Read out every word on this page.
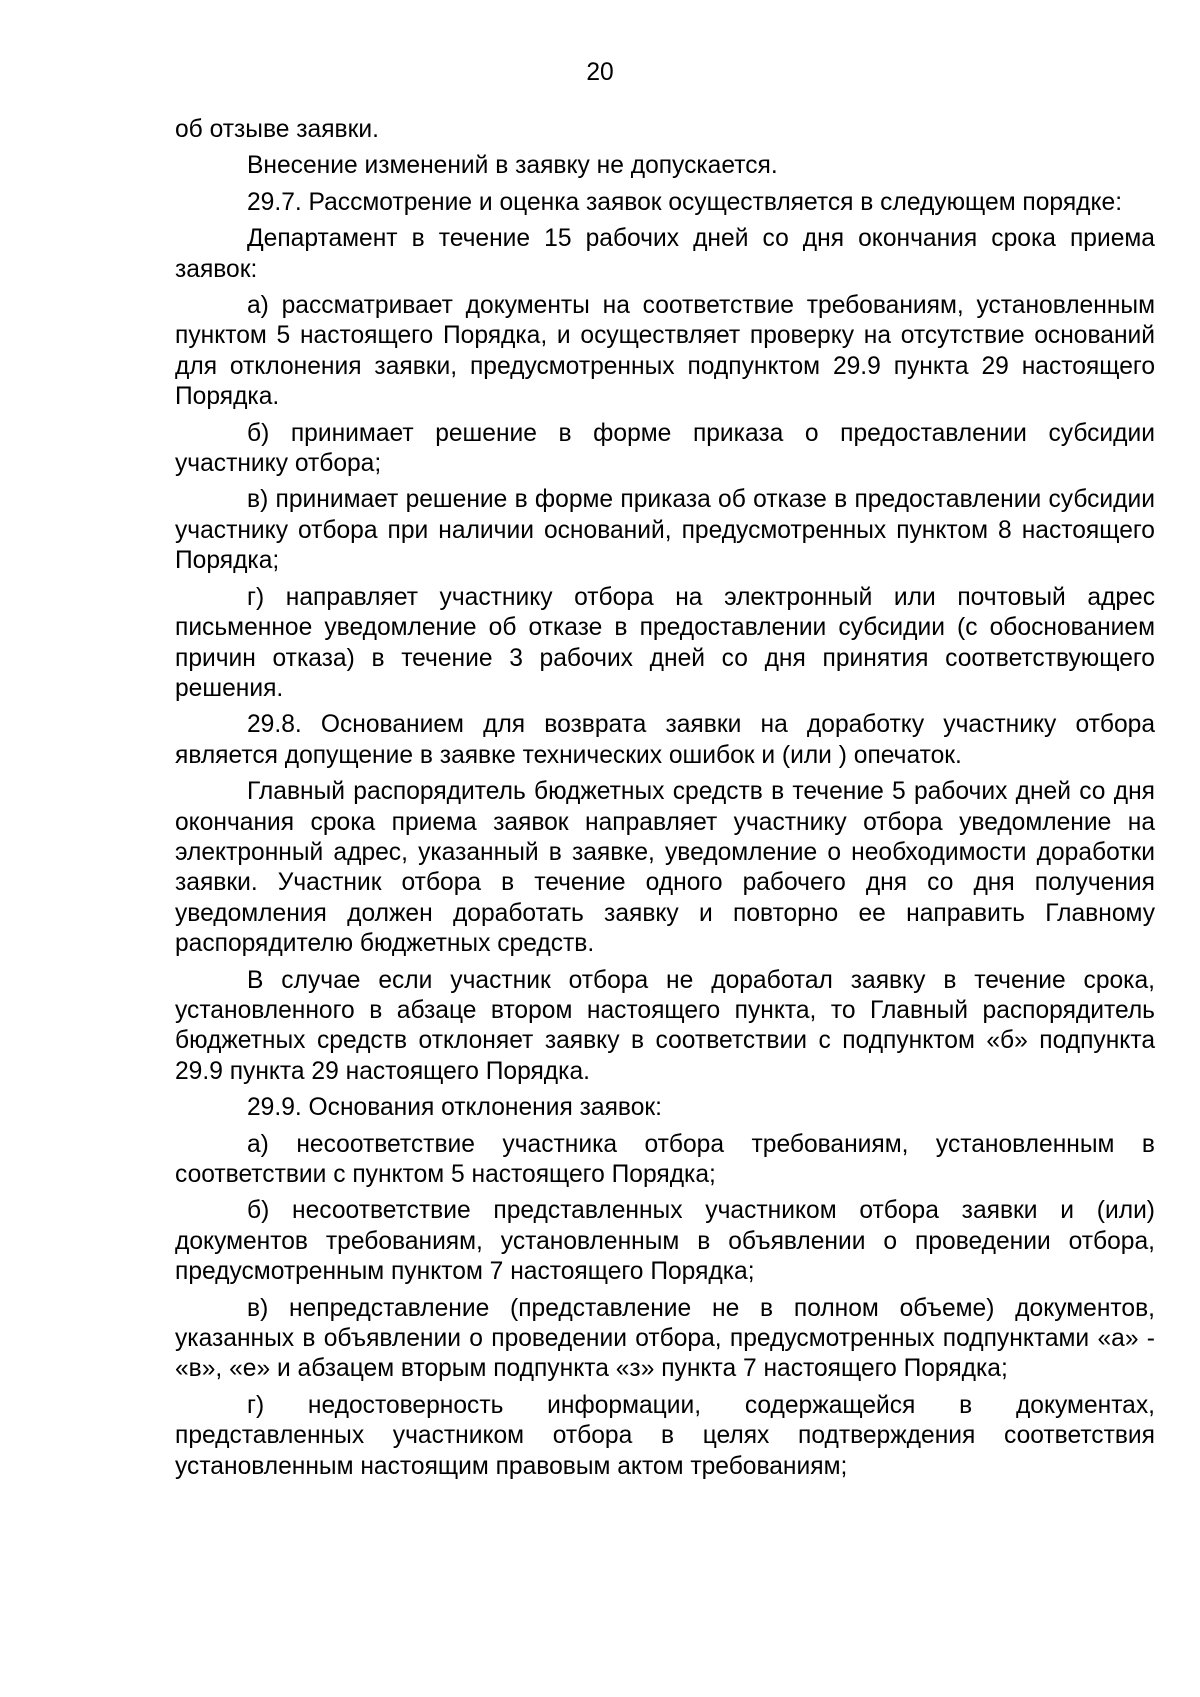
20

об отзыве заявки.

Внесение изменений в заявку не допускается.

29.7. Рассмотрение и оценка заявок осуществляется в следующем порядке:

Департамент в течение 15 рабочих дней со дня окончания срока приема заявок:

а) рассматривает документы на соответствие требованиям, установленным пунктом 5 настоящего Порядка, и осуществляет проверку на отсутствие оснований для отклонения заявки, предусмотренных подпунктом 29.9 пункта 29 настоящего Порядка.

б) принимает решение в форме приказа о предоставлении субсидии участнику отбора;

в) принимает решение в форме приказа об отказе в предоставлении субсидии участнику отбора при наличии оснований, предусмотренных пунктом 8 настоящего Порядка;

г) направляет участнику отбора на электронный или почтовый адрес письменное уведомление об отказе в предоставлении субсидии (с обоснованием причин отказа) в течение 3 рабочих дней со дня принятия соответствующего решения.

29.8. Основанием для возврата заявки на доработку участнику отбора является допущение в заявке технических ошибок и (или ) опечаток.

Главный распорядитель бюджетных средств в течение 5 рабочих дней со дня окончания срока приема заявок направляет участнику отбора уведомление на электронный адрес, указанный в заявке, уведомление о необходимости доработки заявки. Участник отбора в течение одного рабочего дня со дня получения уведомления должен доработать заявку и повторно ее направить Главному распорядителю бюджетных средств.

В случае если участник отбора не доработал заявку в течение срока, установленного в абзаце втором настоящего пункта, то Главный распорядитель бюджетных средств отклоняет заявку в соответствии с подпунктом «б» подпункта 29.9 пункта 29 настоящего Порядка.

29.9. Основания отклонения заявок:

а) несоответствие участника отбора требованиям, установленным в соответствии с пунктом 5 настоящего Порядка;

б) несоответствие представленных участником отбора заявки и (или) документов требованиям, установленным в объявлении о проведении отбора, предусмотренным пунктом 7 настоящего Порядка;

в) непредставление (представление не в полном объеме) документов, указанных в объявлении о проведении отбора, предусмотренных подпунктами «а» - «в», «е» и абзацем вторым подпункта «з» пункта 7 настоящего Порядка;

г) недостоверность информации, содержащейся в документах, представленных участником отбора в целях подтверждения соответствия установленным настоящим правовым актом требованиям;
